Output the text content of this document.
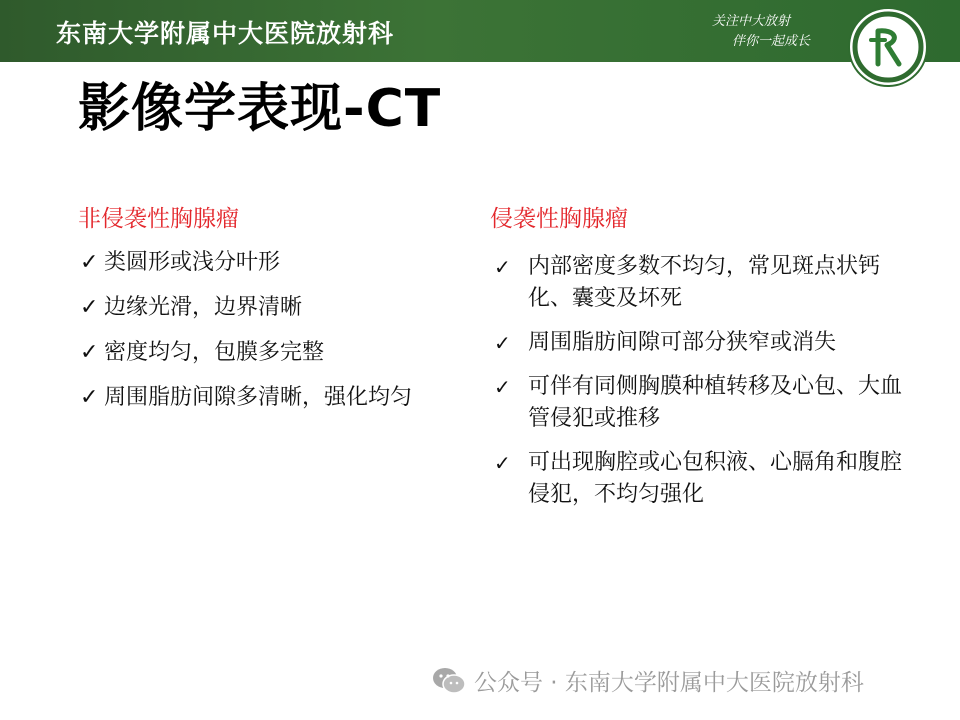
东南大学附属中大医院放射科	关注中大放射
伴你一起成长
影像学表现-CT
非侵袭性胸腺瘤
✓ 类圆形或浅分叶形
✓ 边缘光滑，边界清晰
✓ 密度均匀，包膜多完整
✓ 周围脂肪间隙多清晰，强化均匀
侵袭性胸腺瘤
✓ 内部密度多数不均匀，常见斑点状钙化、囊变及坏死
✓ 周围脂肪间隙可部分狭窄或消失
✓ 可伴有同侧胸膜种植转移及心包、大血管侵犯或推移
✓ 可出现胸腔或心包积液、心膈角和腹腔侵犯，不均匀强化
公众号 · 东南大学附属中大医院放射科
